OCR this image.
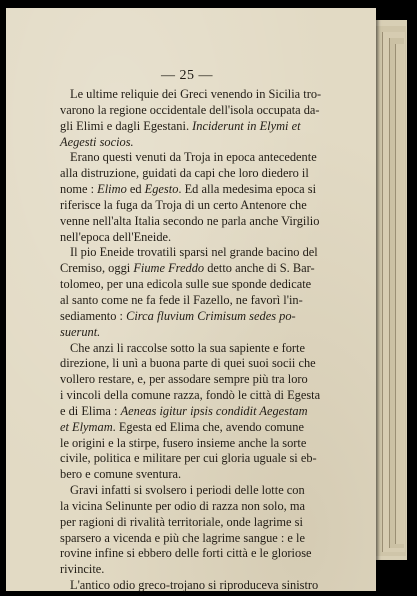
— 25 —
Le ultime reliquie dei Greci venendo in Sicilia tro-
varono la regione occidentale dell'isola occupata da-
gli Elimi e dagli Egestani. Inciderunt in Elymi et
Aegesti socios.
Erano questi venuti da Troja in epoca antecedente
alla distruzione, guidati da capi che loro diedero il
nome : Elimo ed Egesto. Ed alla medesima epoca si
riferisce la fuga da Troja di un certo Antenore che
venne nell'alta Italia secondo ne parla anche Virgilio
nell'epoca dell'Eneide.
Il pio Eneide trovatili sparsi nel grande bacino del
Cremiso, oggi Fiume Freddo detto anche di S. Bar-
tolomeo, per una edicola sulle sue sponde dedicate
al santo come ne fa fede il Fazello, ne favorì l'in-
sediamento : Circa fluvium Crimisum sedes po-
suerunt.
Che anzi li raccolse sotto la sua sapiente e forte
direzione, li unì a buona parte di quei suoi socii che
vollero restare, e, per assodare sempre più tra loro
i vincoli della comune razza, fondò le città di Egesta
e di Elima : Aeneas igitur ipsis condidit Aegestam
et Elymam. Egesta ed Elima che, avendo comune
le origini e la stirpe, fusero insieme anche la sorte
civile, politica e militare per cui gloria uguale si eb-
bero e comune sventura.
Gravi infatti si svolsero i periodi delle lotte con
la vicina Selinunte per odio di razza non solo, ma
per ragioni di rivalità territoriale, onde lagrime si
sparsero a vicenda e più che lagrime sangue : e le
rovine infine si ebbero delle forti città e le gloriose
rivincite.
L'antico odio greco-trojano si riproduceva sinistro
